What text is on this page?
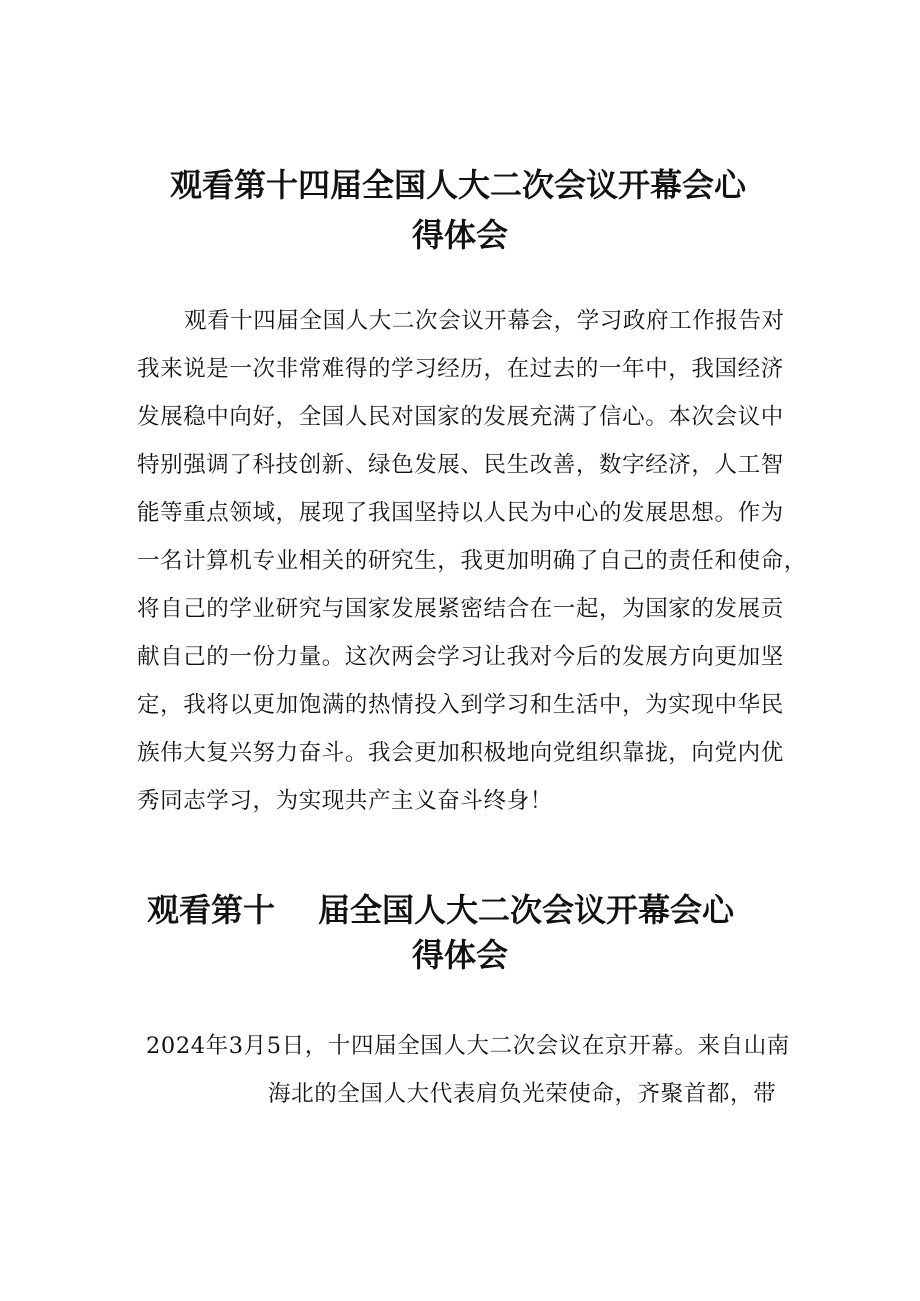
观看第十四届全国人大二次会议开幕会心
得体会
观看十四届全国人大二次会议开幕会，学习政府工作报告对
我来说是一次非常难得的学习经历，在过去的一年中，我国经济
发展稳中向好，全国人民对国家的发展充满了信心。本次会议中
特别强调了科技创新、绿色发展、民生改善，数字经济，人工智
能等重点领域，展现了我国坚持以人民为中心的发展思想。作为
一名计算机专业相关的研究生，我更加明确了自己的责任和使命，
将自己的学业研究与国家发展紧密结合在一起，为国家的发展贡
献自己的一份力量。这次两会学习让我对今后的发展方向更加坚
定，我将以更加饱满的热情投入到学习和生活中，为实现中华民
族伟大复兴努力奋斗。我会更加积极地向党组织靠拢，向党内优
秀同志学习，为实现共产主义奋斗终身！
观看第十 届全国人大二次会议开幕会心
得体会
2024年3月5日，十四届全国人大二次会议在京开幕。来自山南
海北的全国人大代表肩负光荣使命，齐聚首都，带
